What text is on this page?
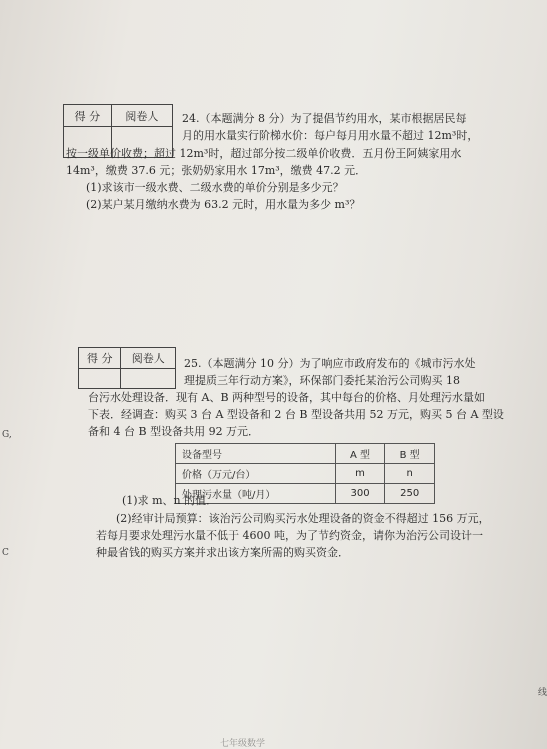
得 分	阅卷人
	24.（本题满分 8 分）为了提倡节约用水，某市根据居民每

月的用水量实行阶梯水价：每户每月用水量不超过 12m³时，

按一级单价收费；超过 12m³时，超过部分按二级单价收费．五月份王阿姨家用水

14m³，缴费 37.6 元；张奶奶家用水 17m³，缴费 47.2 元．

(1)求该市一级水费、二级水费的单价分别是多少元？

(2)某户某月缴纳水费为 63.2 元时，用水量为多少 m³？

得 分	阅卷人
	25.（本题满分 10 分）为了响应市政府发布的《城市污水处

理提质三年行动方案》，环保部门委托某治污公司购买 18

台污水处理设备．现有 A、B 两种型号的设备，其中每台的价格、月处理污水量如

下表．经调查：购买 3 台 A 型设备和 2 台 B 型设备共用 52 万元，购买 5 台 A 型设

备和 4 台 B 型设备共用 92 万元．

设备型号	A 型	B 型
价格（万元/台）	m	n
处理污水量（吨/月）	300	250

(1)求 m、n 的值．

(2)经审计局预算：该治污公司购买污水处理设备的资金不得超过 156 万元，

若每月要求处理污水量不低于 4600 吨，为了节约资金，请你为治污公司设计一

种最省钱的购买方案并求出该方案所需的购买资金．

G,
C
线
七年级数学
